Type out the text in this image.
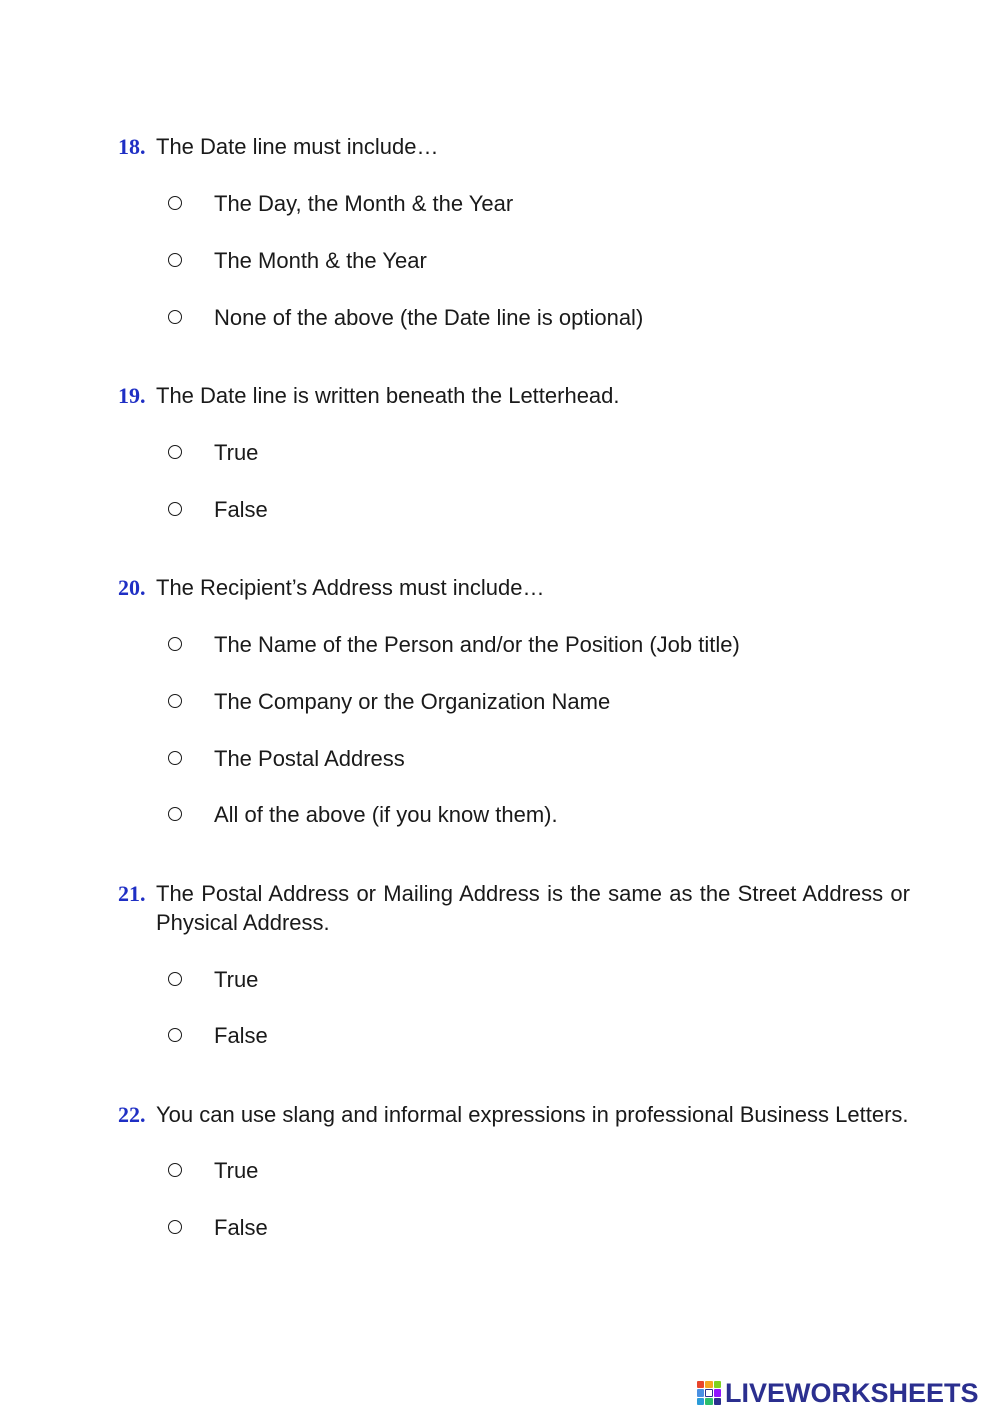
18. The Date line must include…
The Day, the Month & the Year
The Month & the Year
None of the above (the Date line is optional)
19. The Date line is written beneath the Letterhead.
True
False
20. The Recipient’s Address must include…
The Name of the Person and/or the Position (Job title)
The Company or the Organization Name
The Postal Address
All of the above (if you know them).
21. The Postal Address or Mailing Address is the same as the Street Address or Physical Address.
True
False
22. You can use slang and informal expressions in professional Business Letters.
True
False
LIVEWORKSHEETS
